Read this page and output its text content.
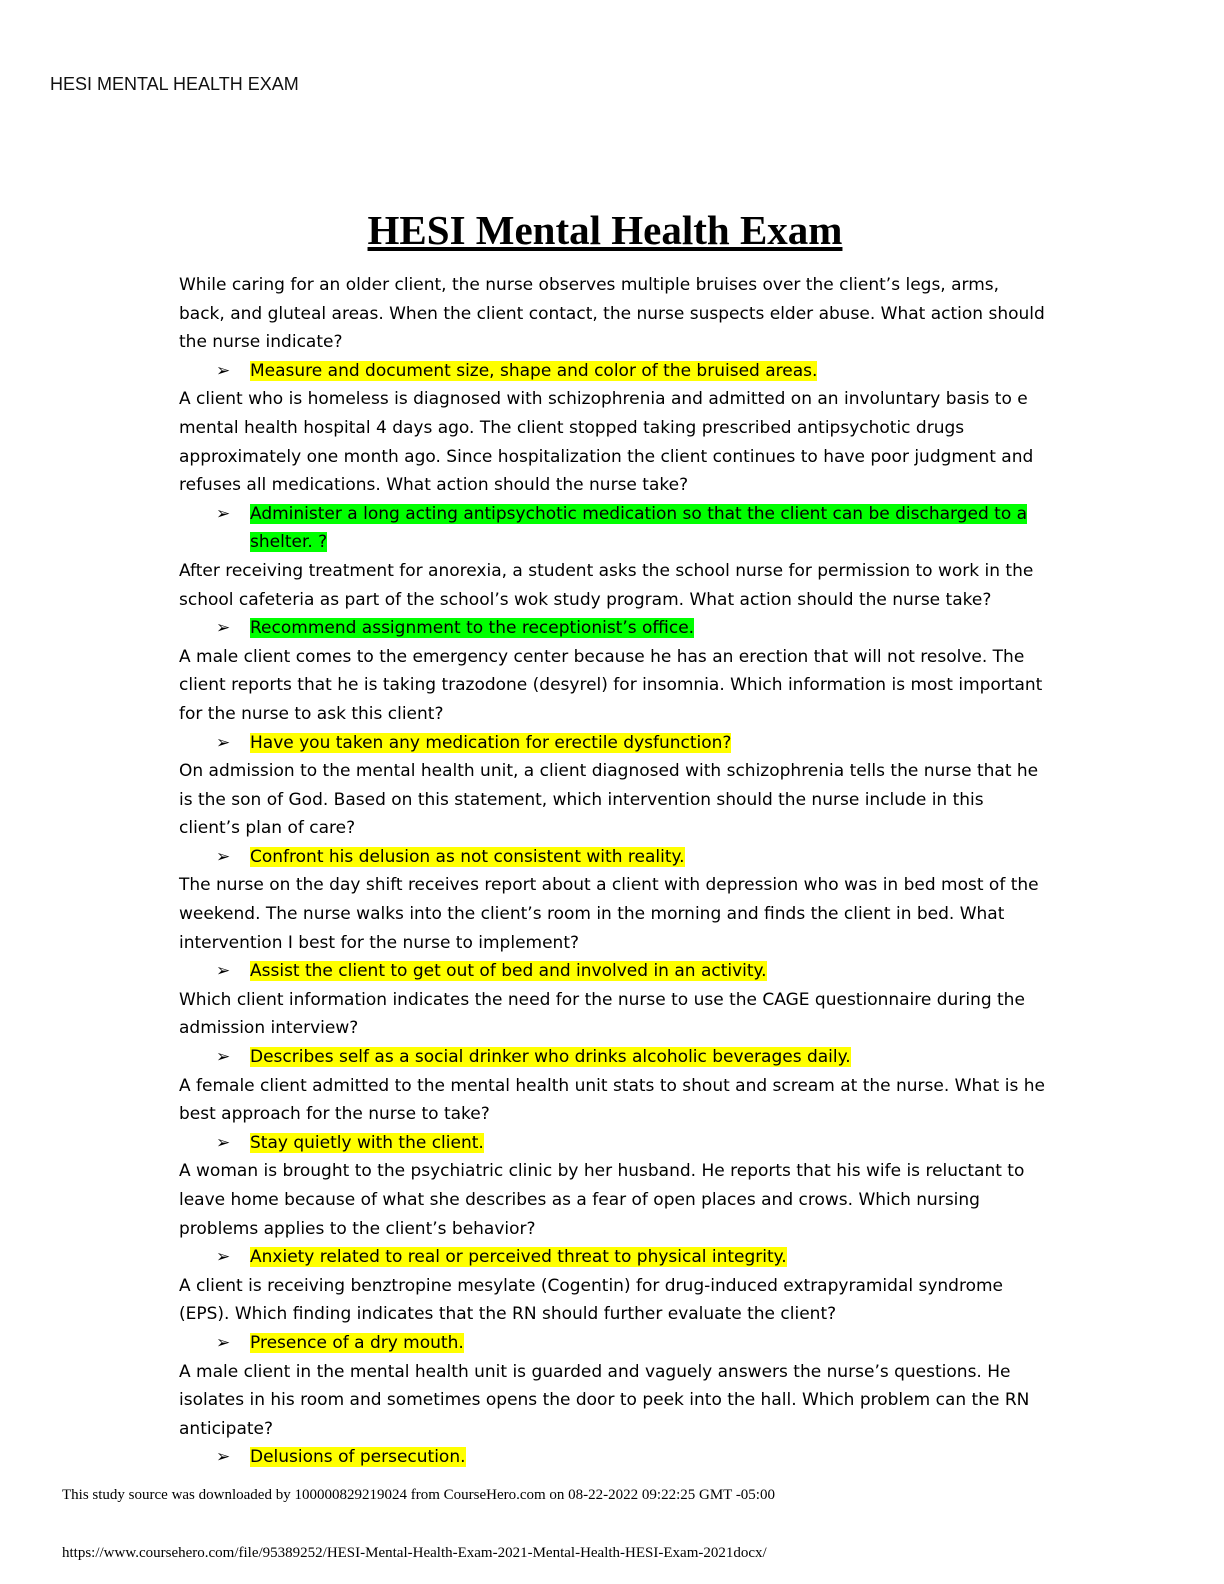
HESI MENTAL HEALTH EXAM
HESI Mental Health Exam
While caring for an older client, the nurse observes multiple bruises over the client’s legs, arms, back, and gluteal areas. When the client contact, the nurse suspects elder abuse. What action should the nurse indicate?
➢ Measure and document size, shape and color of the bruised areas.
A client who is homeless is diagnosed with schizophrenia and admitted on an involuntary basis to e mental health hospital 4 days ago. The client stopped taking prescribed antipsychotic drugs approximately one month ago. Since hospitalization the client continues to have poor judgment and refuses all medications. What action should the nurse take?
➢ Administer a long acting antipsychotic medication so that the client can be discharged to a shelter. ?
After receiving treatment for anorexia, a student asks the school nurse for permission to work in the school cafeteria as part of the school’s wok study program. What action should the nurse take?
➢ Recommend assignment to the receptionist’s office.
A male client comes to the emergency center because he has an erection that will not resolve. The client reports that he is taking trazodone (desyrel) for insomnia. Which information is most important for the nurse to ask this client?
➢ Have you taken any medication for erectile dysfunction?
On admission to the mental health unit, a client diagnosed with schizophrenia tells the nurse that he is the son of God. Based on this statement, which intervention should the nurse include in this client’s plan of care?
➢ Confront his delusion as not consistent with reality.
The nurse on the day shift receives report about a client with depression who was in bed most of the weekend. The nurse walks into the client’s room in the morning and finds the client in bed. What intervention I best for the nurse to implement?
➢ Assist the client to get out of bed and involved in an activity.
Which client information indicates the need for the nurse to use the CAGE questionnaire during the admission interview?
➢ Describes self as a social drinker who drinks alcoholic beverages daily.
A female client admitted to the mental health unit stats to shout and scream at the nurse. What is he best approach for the nurse to take?
➢ Stay quietly with the client.
A woman is brought to the psychiatric clinic by her husband. He reports that his wife is reluctant to leave home because of what she describes as a fear of open places and crows. Which nursing problems applies to the client’s behavior?
➢ Anxiety related to real or perceived threat to physical integrity.
A client is receiving benztropine mesylate (Cogentin) for drug-induced extrapyramidal syndrome (EPS). Which finding indicates that the RN should further evaluate the client?
➢ Presence of a dry mouth.
A male client in the mental health unit is guarded and vaguely answers the nurse’s questions. He isolates in his room and sometimes opens the door to peek into the hall. Which problem can the RN anticipate?
➢ Delusions of persecution.
This study source was downloaded by 100000829219024 from CourseHero.com on 08-22-2022 09:22:25 GMT -05:00
https://www.coursehero.com/file/95389252/HESI-Mental-Health-Exam-2021-Mental-Health-HESI-Exam-2021docx/
